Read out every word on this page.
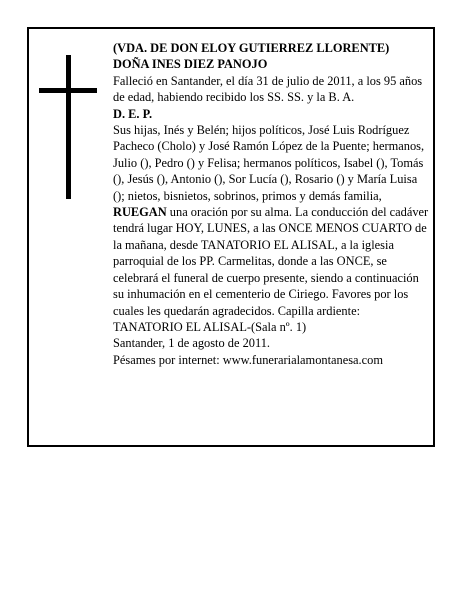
(VDA. DE DON ELOY GUTIERREZ LLORENTE)

DOÑA INES DIEZ PANOJO

Falleció en Santander, el día 31 de julio de 2011, a los 95 años de edad, habiendo recibido los SS. SS. y la B. A.

D. E. P.

Sus hijas, Inés y Belén; hijos políticos, José Luis Rodríguez Pacheco (Cholo) y José Ramón López de la Puente; hermanos, Julio (), Pedro () y Felisa; hermanos políticos, Isabel (), Tomás (), Jesús (), Antonio (), Sor Lucía (), Rosario () y María Luisa (); nietos, bisnietos, sobrinos, primos y demás familia,

RUEGAN una oración por su alma. La conducción del cadáver tendrá lugar HOY, LUNES, a las ONCE MENOS CUARTO de la mañana, desde TANATORIO EL ALISAL, a la iglesia parroquial de los PP. Carmelitas, donde a las ONCE, se celebrará el funeral de cuerpo presente, siendo a continuación su inhumación en el cementerio de Ciriego. Favores por los cuales les quedarán agradecidos. Capilla ardiente: TANATORIO EL ALISAL-(Sala nº. 1)

Santander, 1 de agosto de 2011.

Pésames por internet: www.funerarialamontanesa.com
